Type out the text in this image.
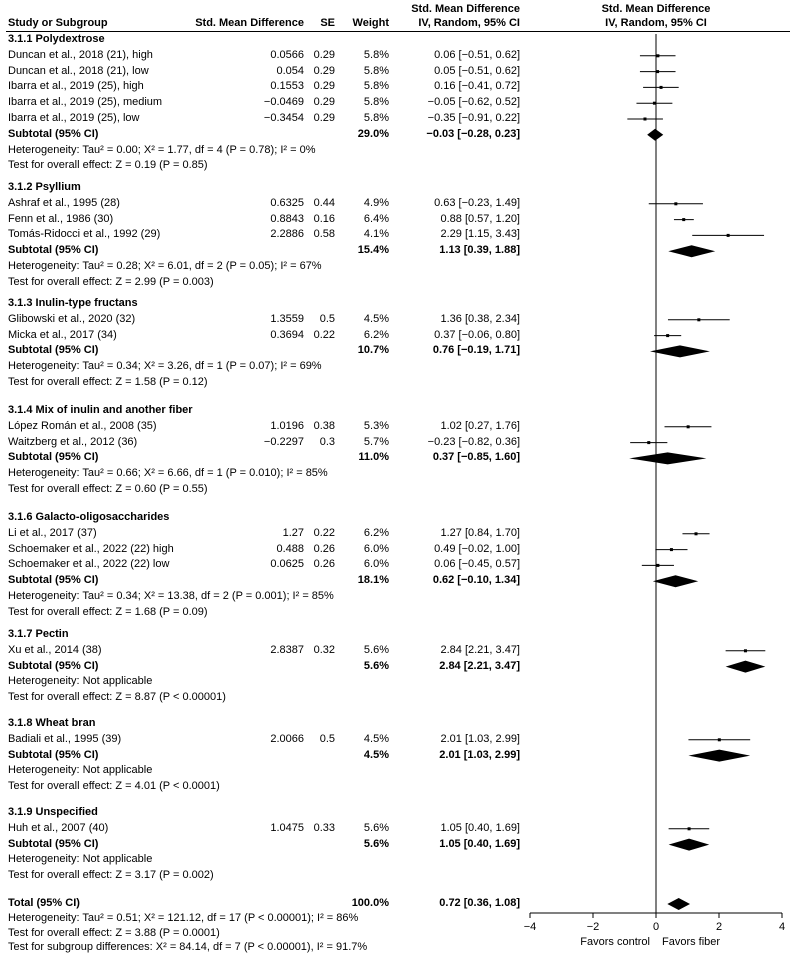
Study or Subgroup	Std. Mean Difference	SE	Weight
Std. Mean Difference
IV, Random, 95% CI
Std. Mean Difference
IV, Random, 95% CI
3.1.1 Polydextrose
Duncan et al., 2018 (21), high	0.0566 0.29	5.8%	0.06 [−0.51, 0.62]
Duncan et al., 2018 (21), low	0.054 0.29	5.8%	0.05 [−0.51, 0.62]
Ibarra et al., 2019 (25), high	0.1553 0.29	5.8%	0.16 [−0.41, 0.72]
Ibarra et al., 2019 (25), medium	−0.0469 0.29	5.8%	−0.05 [−0.62, 0.52]
Ibarra et al., 2019 (25), low	−0.3454 0.29	5.8%	−0.35 [−0.91, 0.22]
Subtotal (95% CI)	29.0%	−0.03 [−0.28, 0.23]
Heterogeneity: Tau² = 0.00; X² = 1.77, df = 4 (P = 0.78); I² = 0%
Test for overall effect: Z = 0.19 (P = 0.85)
3.1.2 Psyllium
Ashraf et al., 1995 (28)	0.6325 0.44	4.9%	0.63 [−0.23, 1.49]
Fenn et al., 1986 (30)	0.8843 0.16	6.4%	0.88 [0.57, 1.20]
Tomás-Ridocci et al., 1992 (29)	2.2886 0.58	4.1%	2.29 [1.15, 3.43]
Subtotal (95% CI)	15.4%	1.13 [0.39, 1.88]
Heterogeneity: Tau² = 0.28; X² = 6.01, df = 2 (P = 0.05); I² = 67%
Test for overall effect: Z = 2.99 (P = 0.003)
3.1.3 Inulin-type fructans
Glibowski et al., 2020 (32)	1.3559	0.5	4.5%	1.36 [0.38, 2.34]
Micka et al., 2017 (34)	0.3694 0.22	6.2%	0.37 [−0.06, 0.80]
Subtotal (95% CI)	10.7%	0.76 [−0.19, 1.71]
Heterogeneity: Tau² = 0.34; X² = 3.26, df = 1 (P = 0.07); I² = 69%
Test for overall effect: Z = 1.58 (P = 0.12)
3.1.4 Mix of inulin and another fiber
López Román et al., 2008 (35)	1.0196 0.38	5.3%	1.02 [0.27, 1.76]
Waitzberg et al., 2012 (36)	−0.2297	0.3	5.7%	−0.23 [−0.82, 0.36]
Subtotal (95% CI)	11.0%	0.37 [−0.85, 1.60]
Heterogeneity: Tau² = 0.66; X² = 6.66, df = 1 (P = 0.010); I² = 85%
Test for overall effect: Z = 0.60 (P = 0.55)
3.1.6 Galacto-oligosaccharides
Li et al., 2017 (37)	1.27 0.22	6.2%	1.27 [0.84, 1.70]
Schoemaker et al., 2022 (22) high	0.488 0.26	6.0%	0.49 [−0.02, 1.00]
Schoemaker et al., 2022 (22) low	0.0625 0.26	6.0%	0.06 [−0.45, 0.57]
Subtotal (95% CI)	18.1%	0.62 [−0.10, 1.34]
Heterogeneity: Tau² = 0.34; X² = 13.38, df = 2 (P = 0.001); I² = 85%
Test for overall effect: Z = 1.68 (P = 0.09)
3.1.7 Pectin
Xu et al., 2014 (38)	2.8387 0.32	5.6%	2.84 [2.21, 3.47]
Subtotal (95% CI)	5.6%	2.84 [2.21, 3.47]
Heterogeneity: Not applicable
Test for overall effect: Z = 8.87 (P < 0.00001)
3.1.8 Wheat bran
Badiali et al., 1995 (39)	2.0066	0.5	4.5%	2.01 [1.03, 2.99]
Subtotal (95% CI)	4.5%	2.01 [1.03, 2.99]
Heterogeneity: Not applicable
Test for overall effect: Z = 4.01 (P < 0.0001)
3.1.9 Unspecified
Huh et al., 2007 (40)	1.0475 0.33	5.6%	1.05 [0.40, 1.69]
Subtotal (95% CI)	5.6%	1.05 [0.40, 1.69]
Heterogeneity: Not applicable
Test for overall effect: Z = 3.17 (P = 0.002)
Total (95% CI)	100.0%	0.72 [0.36, 1.08]
Heterogeneity: Tau² = 0.51; X² = 121.12, df = 17 (P < 0.00001); I² = 86%
Test for overall effect: Z = 3.88 (P = 0.0001)
Test for subgroup differences: X² = 84.14, df = 7 (P < 0.00001), I² = 91.7%
−4	−2	0	2	4
Favors control Favors fiber
